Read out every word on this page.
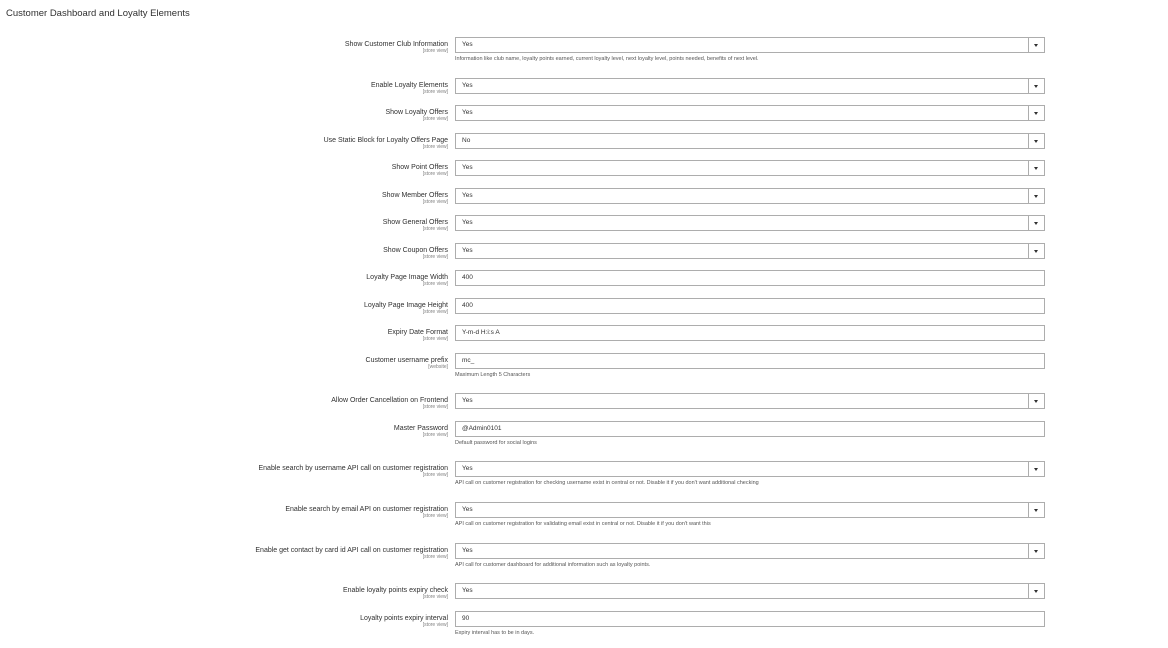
Customer Dashboard and Loyalty Elements
Show Customer Club Information
[store view]
Yes
Information like club name, loyalty points earned, current loyalty level, next loyalty level, points needed, benefits of next level.
Enable Loyalty Elements
[store view]
Yes
Show Loyalty Offers
[store view]
Yes
Use Static Block for Loyalty Offers Page
[store view]
No
Show Point Offers
[store view]
Yes
Show Member Offers
[store view]
Yes
Show General Offers
[store view]
Yes
Show Coupon Offers
[store view]
Yes
Loyalty Page Image Width
[store view]
400
Loyalty Page Image Height
[store view]
400
Expiry Date Format
[store view]
Y-m-d H:i:s A
Customer username prefix
[website]
mc_
Maximum Length 5 Characters
Allow Order Cancellation on Frontend
[store view]
Yes
Master Password
[store view]
@Admin0101
Default password for social logins
Enable search by username API call on customer registration
[store view]
Yes
API call on customer registration for checking username exist in central or not. Disable it if you don't want additional checking
Enable search by email API on customer registration
[store view]
Yes
API call on customer registration for validating email exist in central or not. Disable it if you don't want this
Enable get contact by card id API call on customer registration
[store view]
Yes
API call for customer dashboard for additional information such as loyalty points.
Enable loyalty points expiry check
[store view]
Yes
Loyalty points expiry interval
[store view]
90
Expiry interval has to be in days.
